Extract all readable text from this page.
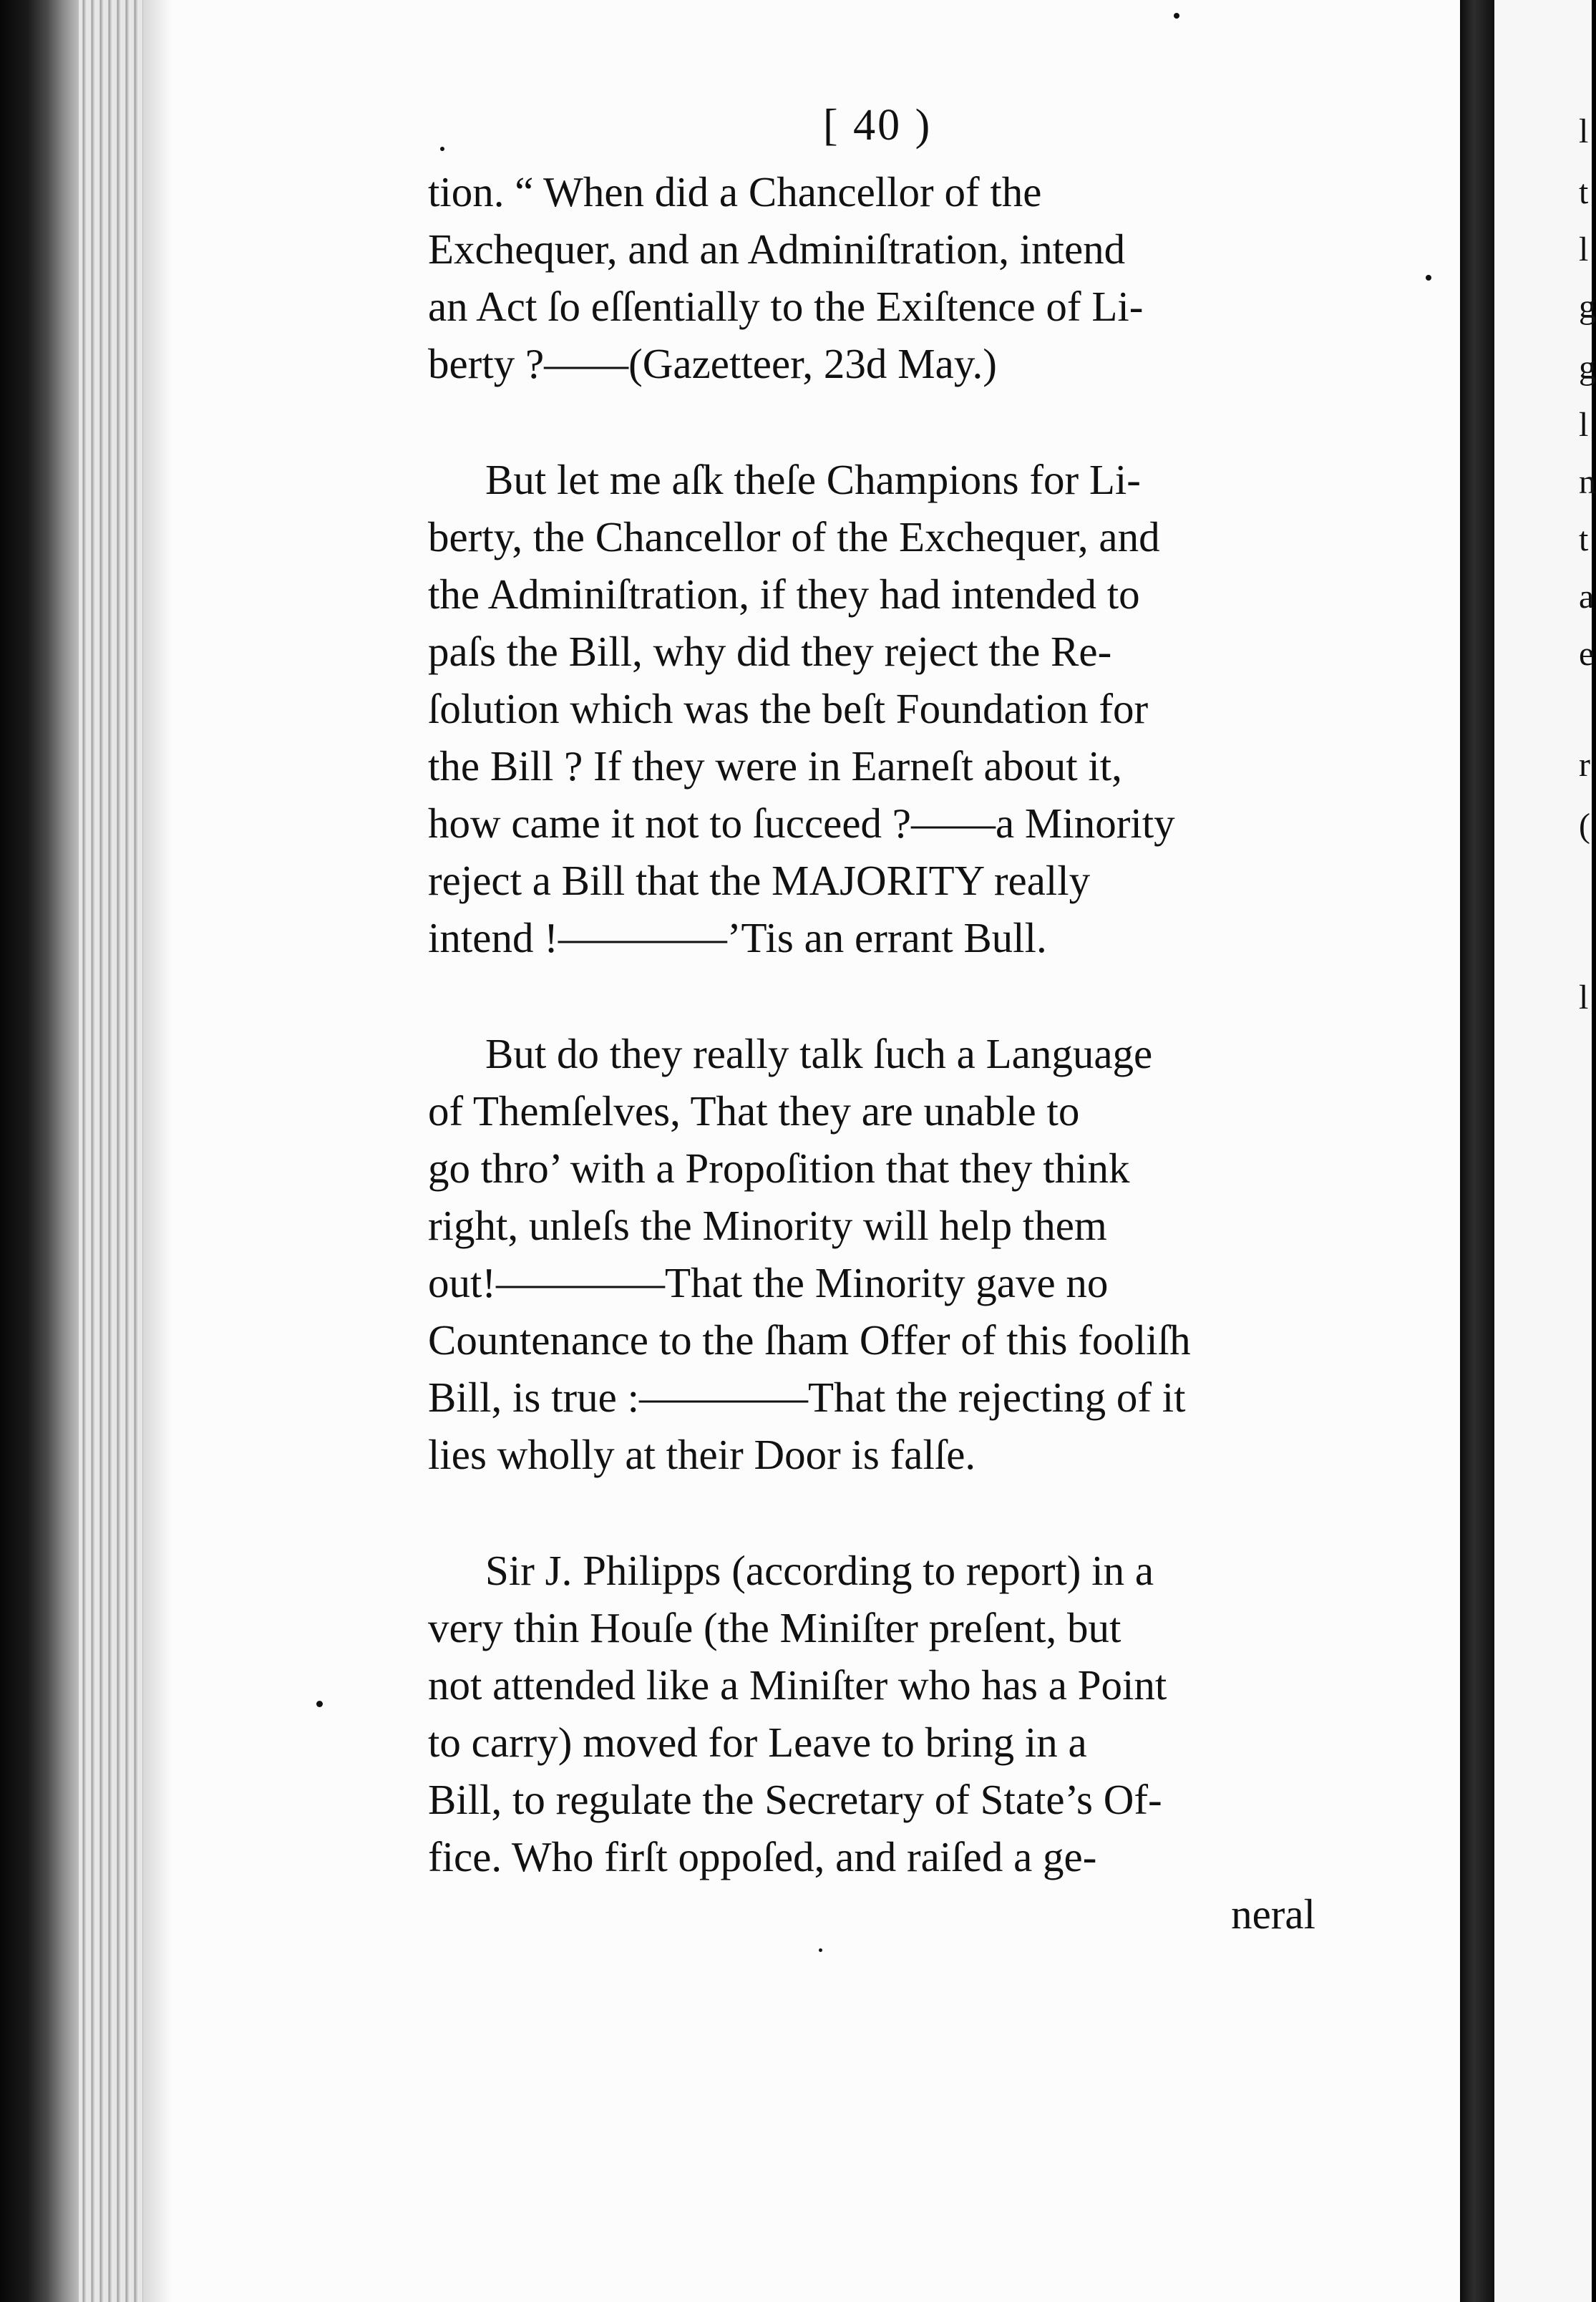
l
t
l
g
g
l
n
t
a
e
r
(
l
[ 40 )
tion. “ When did a Chancellor of the
Exchequer, and an Adminiſtration, intend
an Act ſo eſſentially to the Exiſtence of Li-
berty ?——(Gazetteer, 23d May.)
But let me aſk theſe Champions for Li-
berty, the Chancellor of the Exchequer, and
the Adminiſtration, if they had intended to
paſs the Bill, why did they reject the Re-
ſolution which was the beſt Foundation for
the Bill ? If they were in Earneſt about it,
how came it not to ſucceed ?——a Minority
reject a Bill that the MAJORITY really
intend !————’Tis an errant Bull.
But do they really talk ſuch a Language
of Themſelves, That they are unable to
go thro’ with a Propoſition that they think
right, unleſs the Minority will help them
out!————That the Minority gave no
Countenance to the ſham Offer of this fooliſh
Bill, is true :————That the rejecting of it
lies wholly at their Door is falſe.
Sir J. Philipps (according to report) in a
very thin Houſe (the Miniſter preſent, but
not attended like a Miniſter who has a Point
to carry) moved for Leave to bring in a
Bill, to regulate the Secretary of State’s Of-
fice. Who firſt oppoſed, and raiſed a ge-
neral
